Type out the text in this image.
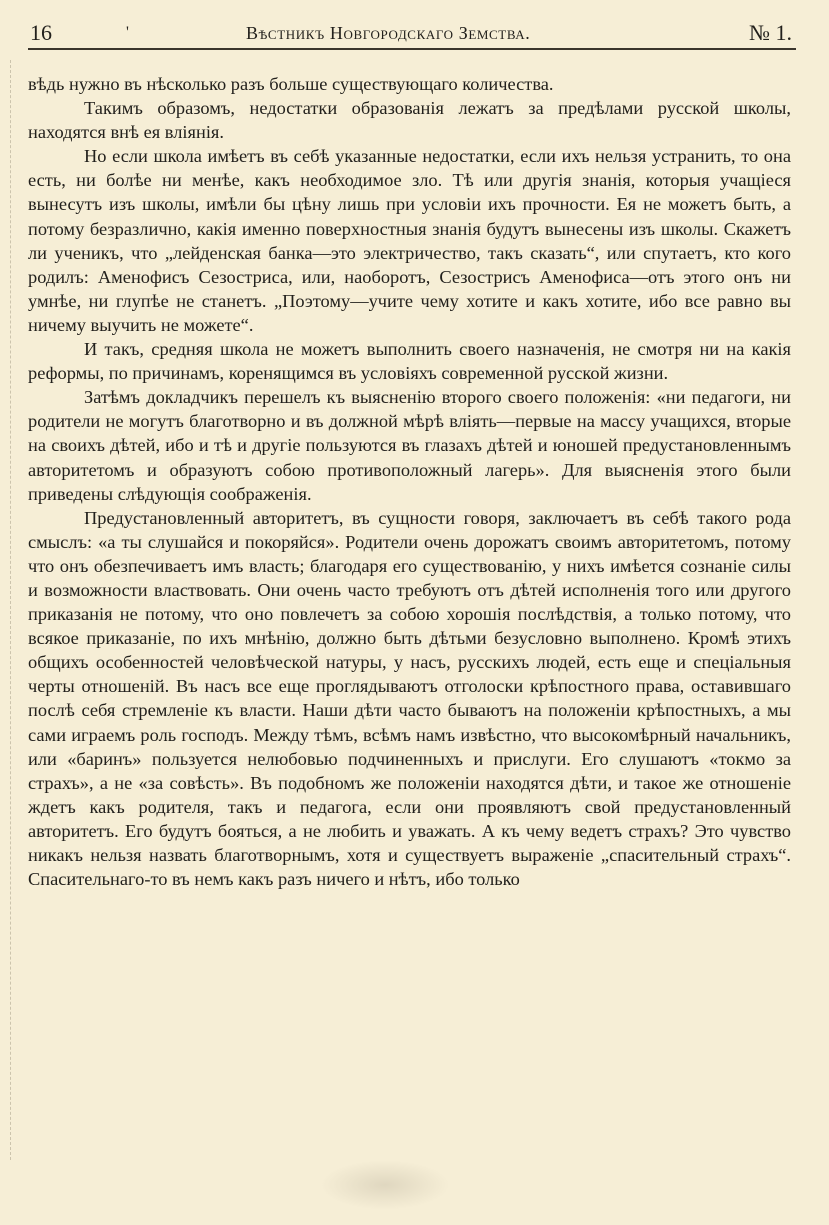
16	'	Вѣстникъ Новгородскаго Земства.	№ 1.

вѣдь нужно въ нѣсколько разъ больше существующаго количества.

Такимъ образомъ, недостатки образованія лежатъ за предѣлами русской школы, находятся внѣ ея вліянія.

Но если школа имѣетъ въ себѣ указанные недостатки, если ихъ нельзя устранить, то она есть, ни болѣе ни менѣе, какъ необходимое зло. Тѣ или другія знанія, которыя учащіеся вынесутъ изъ школы, имѣли бы цѣну лишь при условіи ихъ прочности. Ея не можетъ быть, а потому безразлично, какія именно поверхностныя знанія будутъ вынесены изъ школы. Скажетъ ли ученикъ, что „лейденская банка—это электричество, такъ сказать“, или спутаетъ, кто кого родилъ: Аменофисъ Сезостриса, или, наоборотъ, Сезострисъ Аменофиса—отъ этого онъ ни умнѣе, ни глупѣе не станетъ. „Поэтому—учите чему хотите и какъ хотите, ибо все равно вы ничему выучить не можете“.

И такъ, средняя школа не можетъ выполнить своего назначенія, не смотря ни на какія реформы, по причинамъ, коренящимся въ условіяхъ современной русской жизни.

Затѣмъ докладчикъ перешелъ къ выясненію второго своего положенія: «ни педагоги, ни родители не могутъ благотворно и въ должной мѣрѣ вліять—первые на массу учащихся, вторые на своихъ дѣтей, ибо и тѣ и другіе пользуются въ глазахъ дѣтей и юношей предустановленнымъ авторитетомъ и образуютъ собою противоположный лагерь». Для выясненія этого были приведены слѣдующія соображенія.

Предустановленный авторитетъ, въ сущности говоря, заключаетъ въ себѣ такого рода смыслъ: «а ты слушайся и покоряйся». Родители очень дорожатъ своимъ авторитетомъ, потому что онъ обезпечиваетъ имъ власть; благодаря его существованію, у нихъ имѣется сознаніе силы и возможности властвовать. Они очень часто требуютъ отъ дѣтей исполненія того или другого приказанія не потому, что оно повлечетъ за собою хорошія послѣдствія, а только потому, что всякое приказаніе, по ихъ мнѣнію, должно быть дѣтьми безусловно выполнено. Кромѣ этихъ общихъ особенностей человѣческой натуры, у насъ, русскихъ людей, есть еще и спеціальныя черты отношеній. Въ насъ все еще проглядываютъ отголоски крѣпостного права, оставившаго послѣ себя стремленіе къ власти. Наши дѣти часто бываютъ на положеніи крѣпостныхъ, а мы сами играемъ роль господъ. Между тѣмъ, всѣмъ намъ извѣстно, что высокомѣрный начальникъ, или «баринъ» пользуется нелюбовью подчиненныхъ и прислуги. Его слушаютъ «токмо за страхъ», а не «за совѣсть». Въ подобномъ же положеніи находятся дѣти, и такое же отношеніе ждетъ какъ родителя, такъ и педагога, если они проявляютъ свой предустановленный авторитетъ. Его будутъ бояться, а не любить и уважать. А къ чему ведетъ страхъ? Это чувство никакъ нельзя назвать благотворнымъ, хотя и существуетъ выраженіе „спасительный страхъ“. Спасительнаго-то въ немъ какъ разъ ничего и нѣтъ, ибо только
